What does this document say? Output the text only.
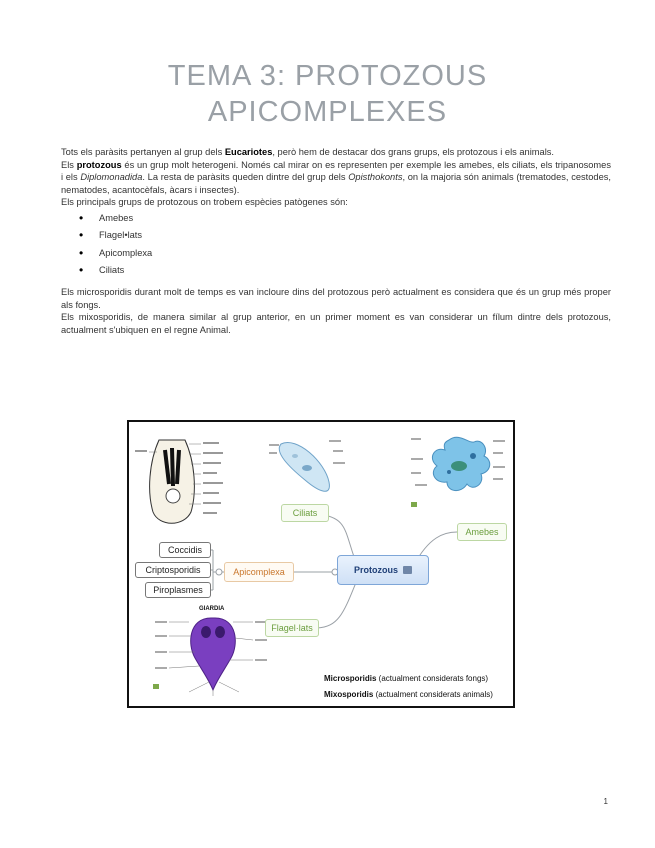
TEMA 3: PROTOZOUS
APICOMPLEXES

Tots els paràsits pertanyen al grup dels Eucariotes, però hem de destacar dos grans grups, els protozous i els animals.

Els protozous és un grup molt heterogeni. Només cal mirar on es representen per exemple les amebes, els ciliats, els tripanosomes i els Diplomonadida. La resta de paràsits queden dintre del grup dels Opisthokonts, on la majoria són animals (trematodes, cestodes, nematodes, acantocèfals, àcars i insectes).

Els principals grups de protozous on trobem espècies patògenes són:

• Amebes
• Flagel•lats
• Apicomplexa
• Ciliats

Els microsporidis durant molt de temps es van incloure dins del protozous però actualment es considera que és un grup més proper als fongs.

Els mixosporidis, de manera similar al grup anterior, en un primer moment es van considerar un fílum dintre dels protozous, actualment s'ubiquen en el regne Animal.

Ciliats
Amebes
Protozous
Apicomplexa
Flagel·lats
Coccidis
Criptosporidis
Piroplasmes
GIARDIA
Microsporidis (actualment considerats fongs)
Mixosporidis (actualment considerats animals)
1
